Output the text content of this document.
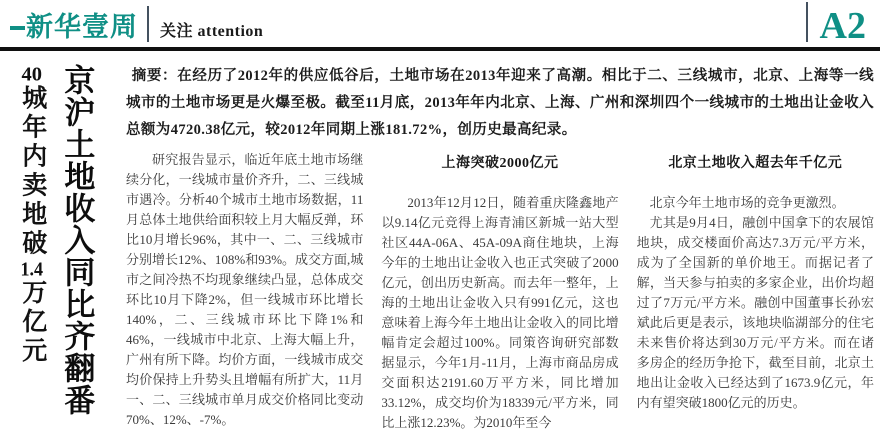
新华壹周 关注 attention	A2
40城年内卖地破1.4万亿元 京沪土地收入同比齐翻番	摘要：在经历了2012年的供应低谷后，土地市场在2013年迎来了高潮。相比于二、三线城市，北京、上海等一线城市的土地市场更是火爆至极。截至11月底，2013年年内北京、上海、广州和深圳四个一线城市的土地出让金收入总额为4720.38亿元，较2012年同期上涨181.72%，创历史最高纪录。

研究报告显示，临近年底土地市场继续分化，一线城市量价齐升，二、三线城市遇冷。分析40个城市土地市场数据，11月总体土地供给面积较上月大幅反弹，环比10月增长96%，其中一、二、三线城市分别增长12%、108%和93%。成交方面,城市之间冷热不均现象继续凸显，总体成交环比10月下降2%，但一线城市环比增长140%，二、三线城市环比下降1%和46%，一线城市中北京、上海大幅上升，广州有所下降。均价方面，一线城市成交均价保持上升势头且增幅有所扩大，11月一、二、三线城市单月成交价格同比变动70%、12%、-7%。

上海突破2000亿元

2013年12月12日，随着重庆隆鑫地产以9.14亿元竞得上海青浦区新城一站大型社区44A-06A、45A-09A商住地块，上海今年的土地出让金收入也正式突破了2000亿元，创出历史新高。而去年一整年，上海的土地出让金收入只有991亿元，这也意味着上海今年土地出让金收入的同比增幅肯定会超过100%。同策咨询研究部数据显示，今年1月-11月，上海市商品房成交面积达2191.60万平方米，同比增加33.12%，成交均价为18339元/平方米，同比上涨12.23%。为2010年至今

北京土地收入超去年千亿元

北京今年土地市场的竞争更激烈。

尤其是9月4日，融创中国拿下的农展馆地块，成交楼面价高达7.3万元/平方米，成为了全国新的单价地王。而据记者了解，当天参与拍卖的多家企业，出价均超过了7万元/平方米。融创中国董事长孙宏斌此后更是表示，该地块临湖部分的住宅未来售价将达到30万元/平方米。而在诸多房企的经历争抢下，截至目前，北京土地出让金收入已经达到了1673.9亿元，年内有望突破1800亿元的历史。
